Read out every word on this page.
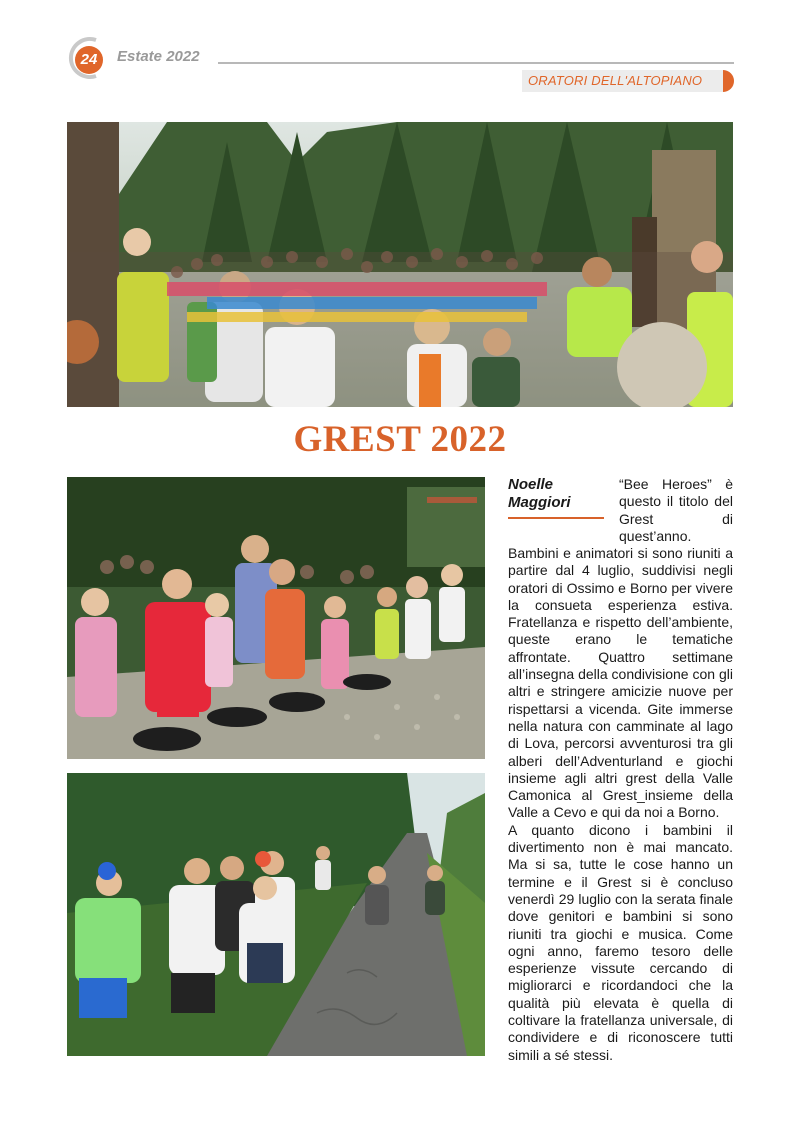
24	Estate 2022
ORATORI DELL'ALTOPIANO
GREST 2022
Noelle Maggiori
“Bee Heroes” è questo il titolo del Grest di quest’anno.

Bambini e animatori si sono riuniti a partire dal 4 luglio, suddivisi negli oratori di Ossimo e Borno per vivere la consueta esperienza estiva. Fratellanza e rispetto dell’ambiente, queste erano le tematiche affrontate. Quattro settimane all’insegna della condivisione con gli altri e stringere amicizie nuove per rispettarsi a vicenda. Gite immerse nella natura con camminate al lago di Lova, percorsi avventurosi tra gli alberi dell’Adventurland e giochi insieme agli altri grest della Valle Camonica al Grest_insieme della Valle a Cevo e qui da noi a Borno.

A quanto dicono i bambini il divertimento non è mai mancato. Ma si sa, tutte le cose hanno un termine e il Grest si è concluso venerdì 29 luglio con la serata finale dove genitori e bambini si sono riuniti tra giochi e musica. Come ogni anno, faremo tesoro delle esperienze vissute cercando di migliorarci e ricordandoci che la qualità più elevata è quella di coltivare la fratellanza universale, di condividere e di riconoscere tutti simili a sé stessi.
